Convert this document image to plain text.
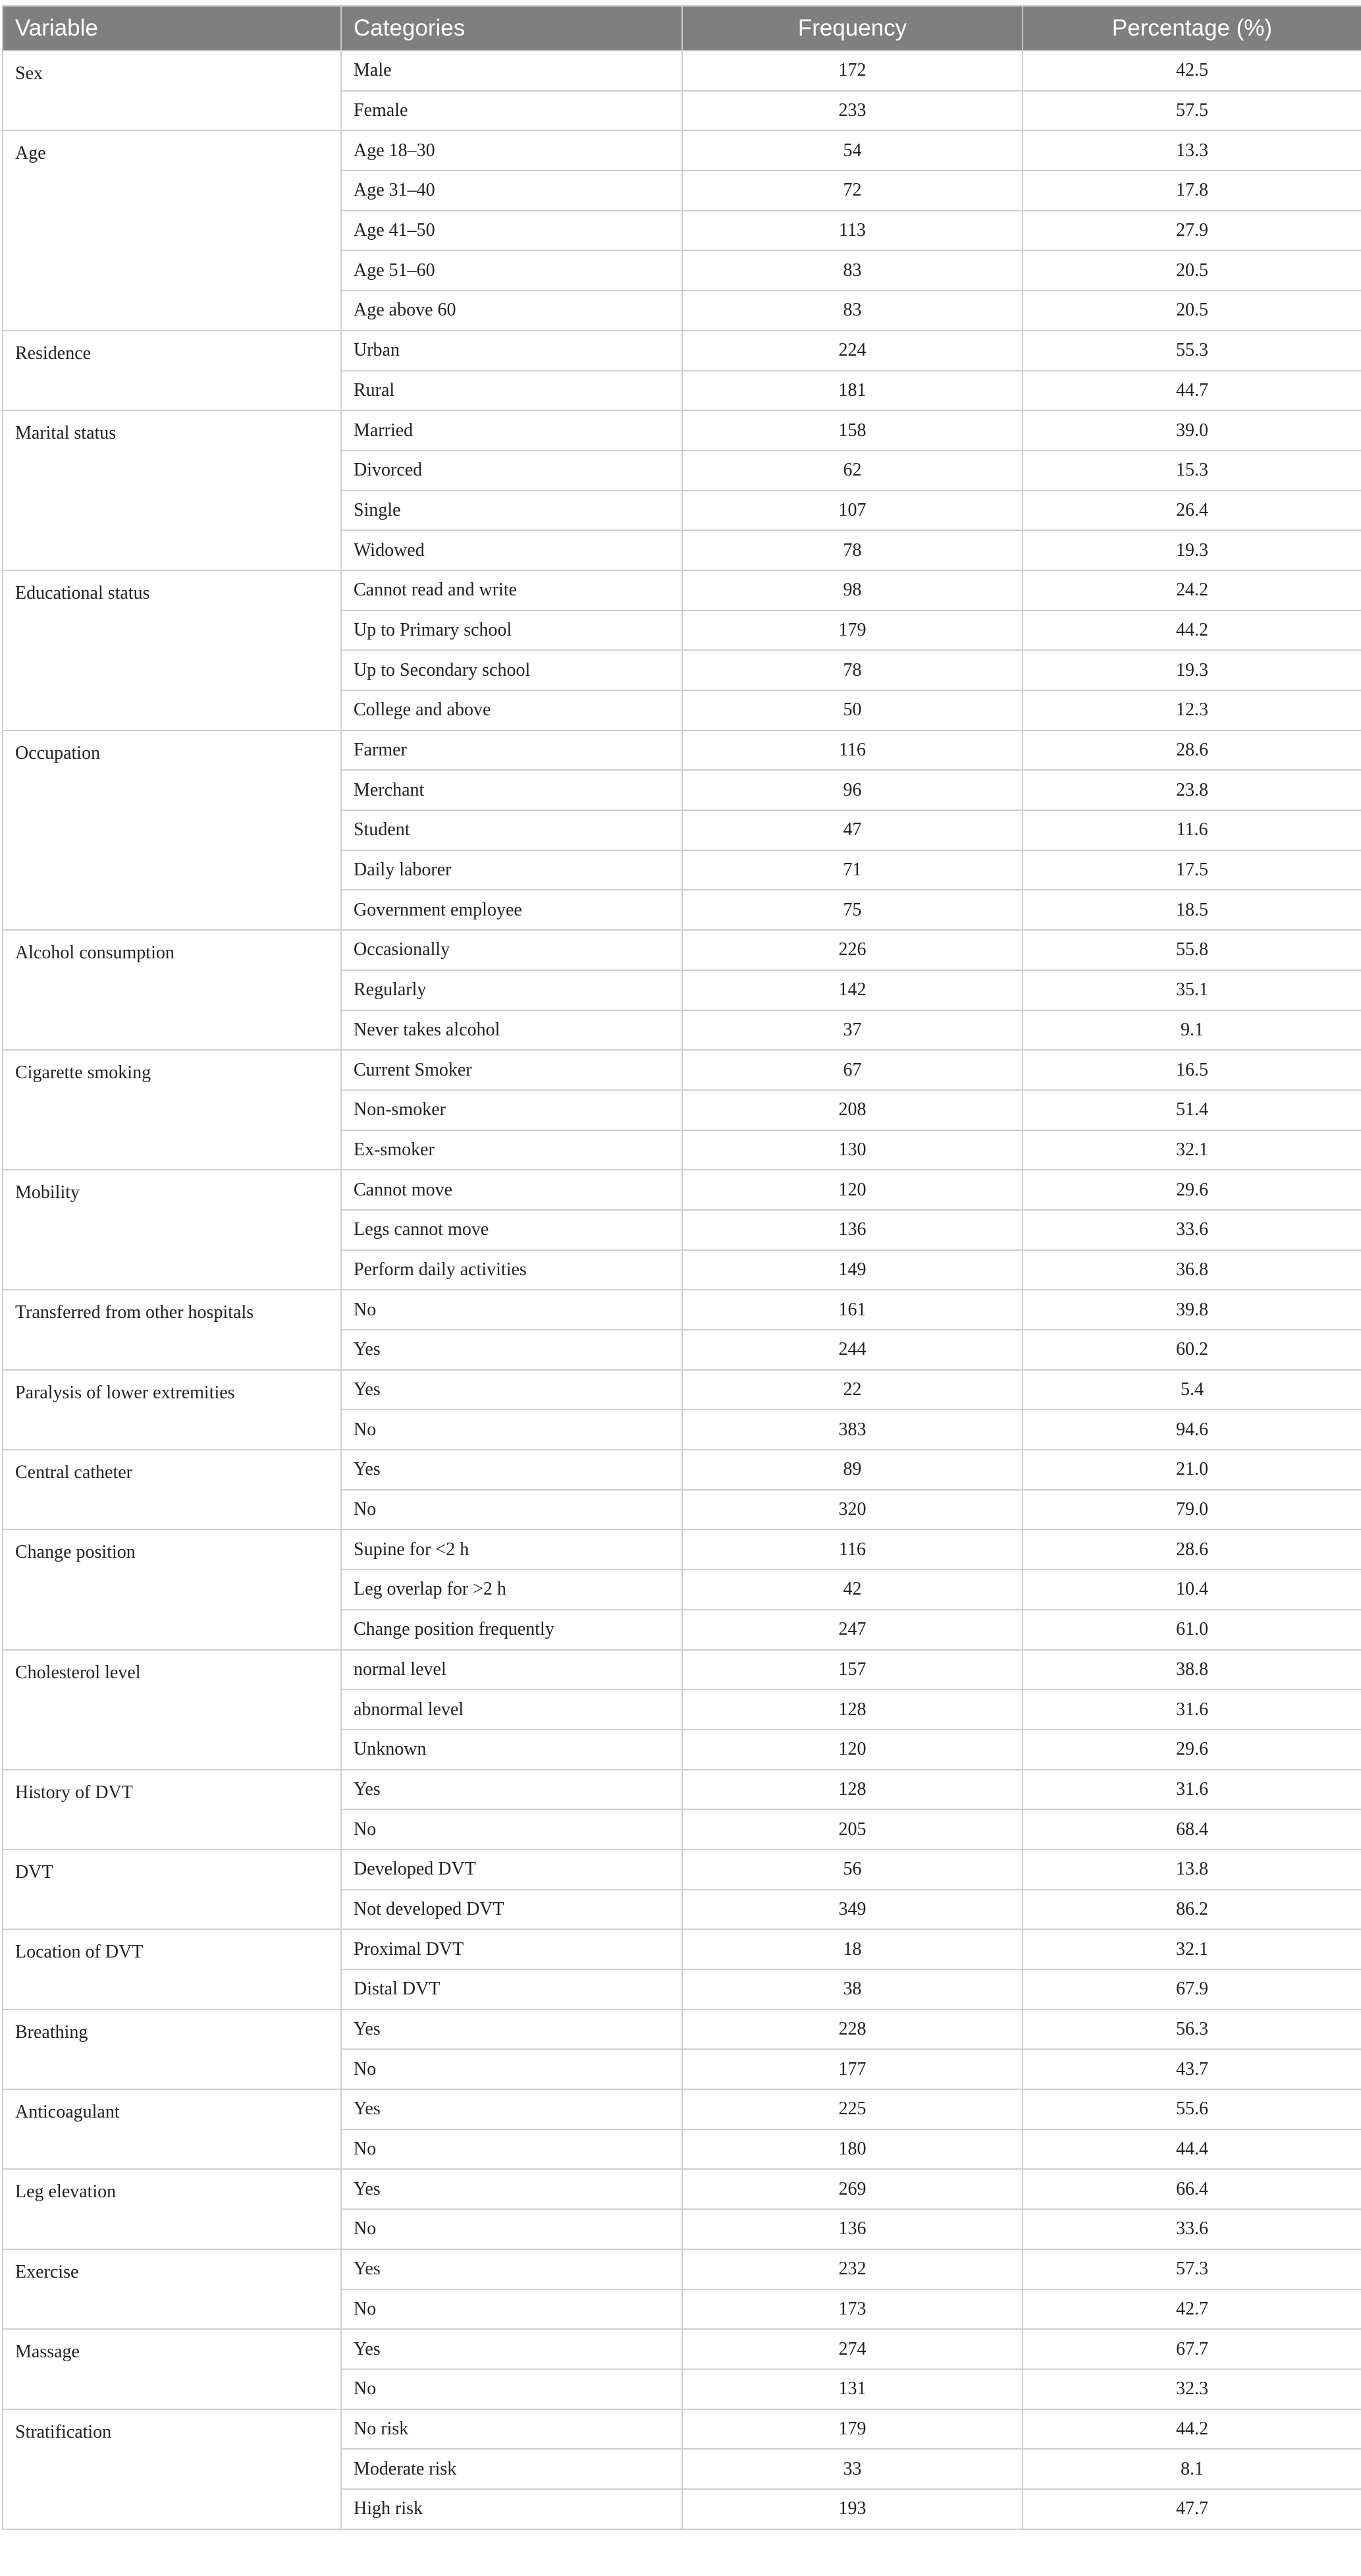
Variable	Categories	Frequency	Percentage (%)
Sex	Male	172	42.5
	Female	233	57.5
Age	Age 18–30	54	13.3
	Age 31–40	72	17.8
	Age 41–50	113	27.9
	Age 51–60	83	20.5
	Age above 60	83	20.5
Residence	Urban	224	55.3
	Rural	181	44.7
Marital status	Married	158	39.0
	Divorced	62	15.3
	Single	107	26.4
	Widowed	78	19.3
Educational status	Cannot read and write	98	24.2
	Up to Primary school	179	44.2
	Up to Secondary school	78	19.3
	College and above	50	12.3
Occupation	Farmer	116	28.6
	Merchant	96	23.8
	Student	47	11.6
	Daily laborer	71	17.5
	Government employee	75	18.5
Alcohol consumption	Occasionally	226	55.8
	Regularly	142	35.1
	Never takes alcohol	37	9.1
Cigarette smoking	Current Smoker	67	16.5
	Non-smoker	208	51.4
	Ex-smoker	130	32.1
Mobility	Cannot move	120	29.6
	Legs cannot move	136	33.6
	Perform daily activities	149	36.8
Transferred from other hospitals	No	161	39.8
	Yes	244	60.2
Paralysis of lower extremities	Yes	22	5.4
	No	383	94.6
Central catheter	Yes	89	21.0
	No	320	79.0
Change position	Supine for <2 h	116	28.6
	Leg overlap for >2 h	42	10.4
	Change position frequently	247	61.0
Cholesterol level	normal level	157	38.8
	abnormal level	128	31.6
	Unknown	120	29.6
History of DVT	Yes	128	31.6
	No	205	68.4
DVT	Developed DVT	56	13.8
	Not developed DVT	349	86.2
Location of DVT	Proximal DVT	18	32.1
	Distal DVT	38	67.9
Breathing	Yes	228	56.3
	No	177	43.7
Anticoagulant	Yes	225	55.6
	No	180	44.4
Leg elevation	Yes	269	66.4
	No	136	33.6
Exercise	Yes	232	57.3
	No	173	42.7
Massage	Yes	274	67.7
	No	131	32.3
Stratification	No risk	179	44.2
	Moderate risk	33	8.1
	High risk	193	47.7
